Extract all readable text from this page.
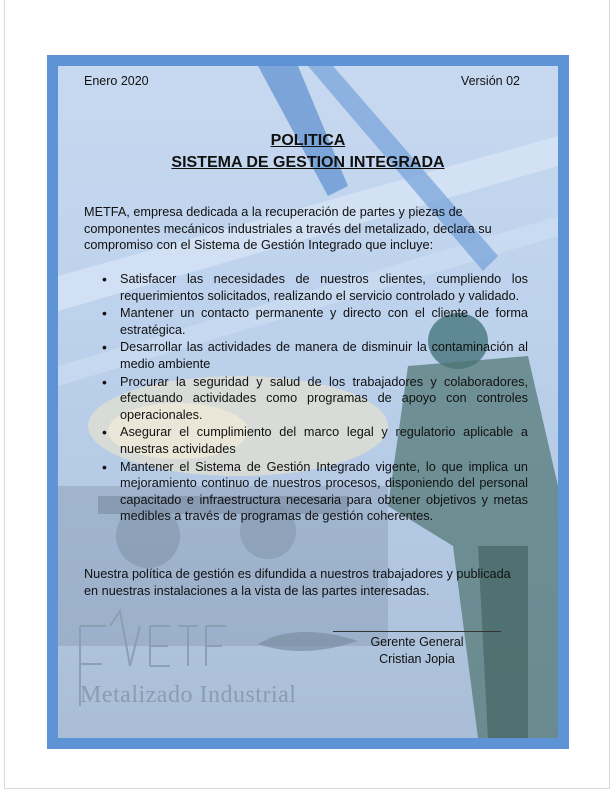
Enero 2020	Versión 02
POLITICA
SISTEMA DE GESTION INTEGRADA
METFA, empresa dedicada a la recuperación de partes y piezas de componentes mecánicos industriales a través del metalizado, declara su compromiso con el Sistema de Gestión Integrado que incluye:
• Satisfacer las necesidades de nuestros clientes, cumpliendo los requerimientos solicitados, realizando el servicio controlado y validado.
• Mantener un contacto permanente y directo con el cliente de forma estratégica.
• Desarrollar las actividades de manera de disminuir la contaminación al medio ambiente
• Procurar la seguridad y salud de los trabajadores y colaboradores, efectuando actividades como programas de apoyo con controles operacionales.
• Asegurar el cumplimiento del marco legal y regulatorio aplicable a nuestras actividades
• Mantener el Sistema de Gestión Integrado vigente, lo que implica un mejoramiento continuo de nuestros procesos, disponiendo del personal capacitado e infraestructura necesaria para obtener objetivos y metas medibles a través de programas de gestión coherentes.
Nuestra política de gestión es difundida a nuestros trabajadores y publicada en nuestras instalaciones a la vista de las partes interesadas.
Gerente General
Cristian Jopia
Metalizado Industrial
